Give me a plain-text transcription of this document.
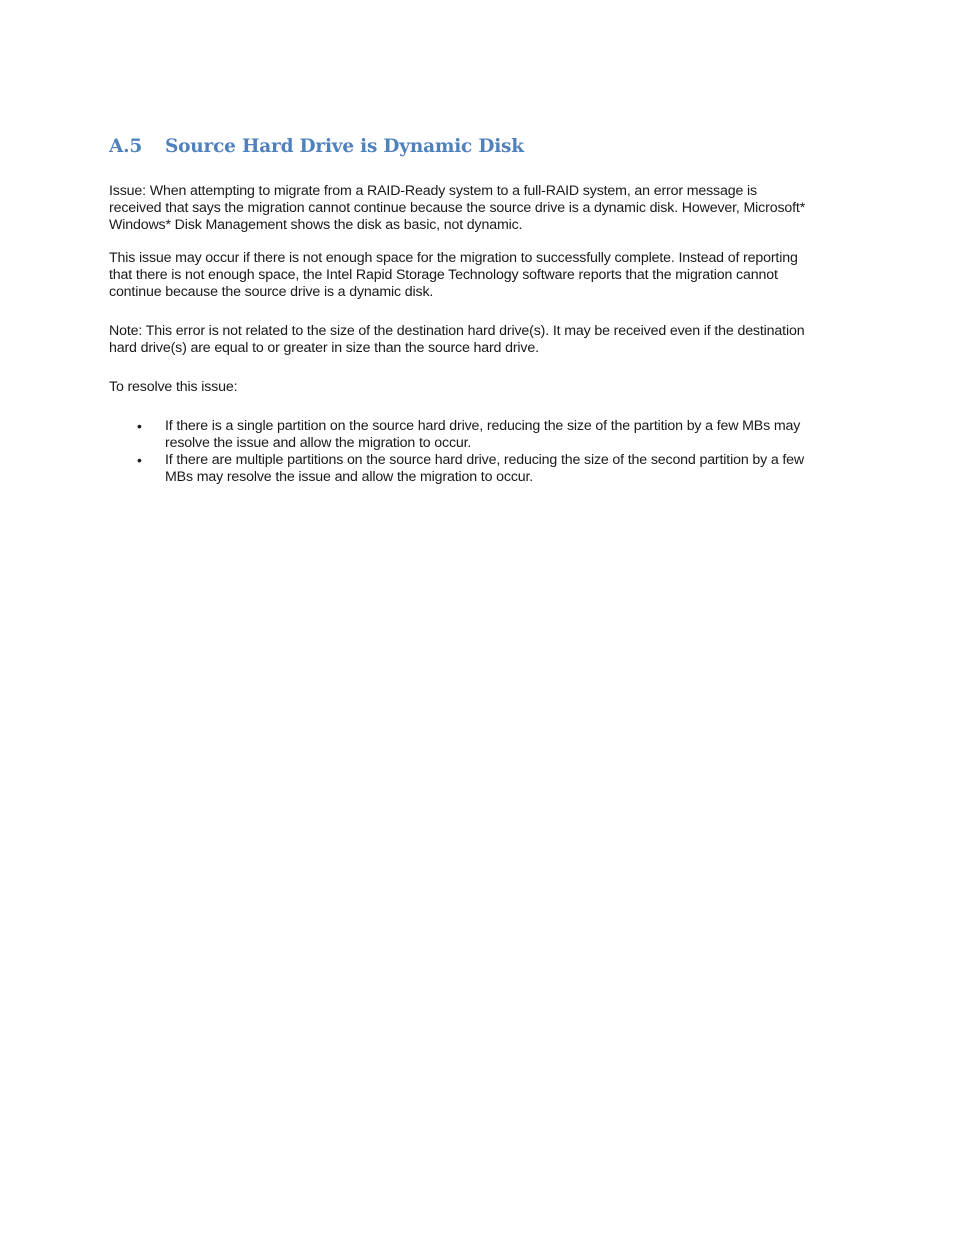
A.5	Source Hard Drive is Dynamic Disk

Issue: When attempting to migrate from a RAID-Ready system to a full-RAID system, an error message is received that says the migration cannot continue because the source drive is a dynamic disk. However, Microsoft* Windows* Disk Management shows the disk as basic, not dynamic.

This issue may occur if there is not enough space for the migration to successfully complete. Instead of reporting that there is not enough space, the Intel Rapid Storage Technology software reports that the migration cannot continue because the source drive is a dynamic disk.

Note: This error is not related to the size of the destination hard drive(s). It may be received even if the destination hard drive(s) are equal to or greater in size than the source hard drive.

To resolve this issue:

• If there is a single partition on the source hard drive, reducing the size of the partition by a few MBs may resolve the issue and allow the migration to occur.
• If there are multiple partitions on the source hard drive, reducing the size of the second partition by a few MBs may resolve the issue and allow the migration to occur.
